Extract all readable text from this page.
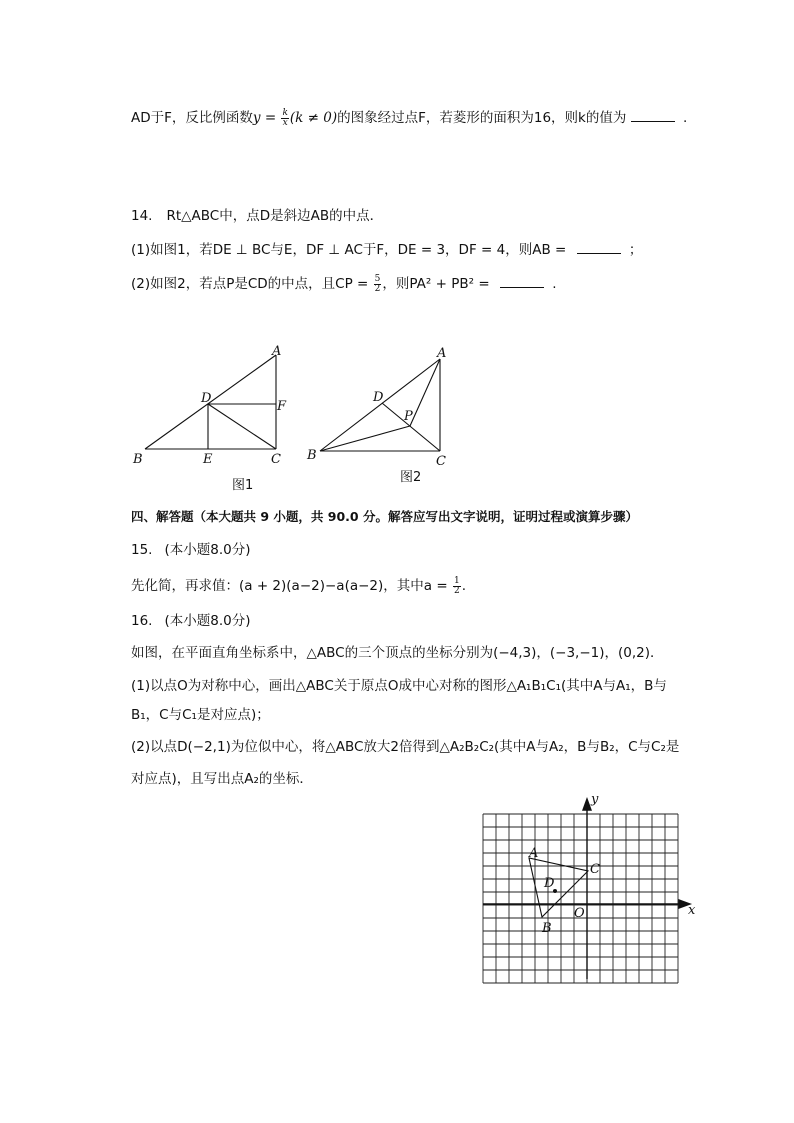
AD于F，反比例函数$y = \frac{k}{x} (k \ne 0)$的图象经过点F，若菱形的面积为16，则k的值为	.
14. Rt△ABC中，点D是斜边AB的中点．
(1)如图1，若DE ⊥ BC与E，DF ⊥ AC于F，DE = 3，DF = 4，则AB =	；
(2)如图2，若点P是CD的中点，且CP = $\frac{5}{2}$ ，则PA² + PB² =	.
A
B	C
D
E
F
图1
A
B	C
D
P
图2
四、解答题（本大题共 9 小题，共 90.0 分。解答应写出文字说明，证明过程或演算步骤）
15. (本小题8.0分)
先化简，再求值：(a + 2)(a−2)−a(a−2)，其中$a = \frac{1}{2}$ .
16. (本小题8.0分)
如图，在平面直角坐标系中，△ABC的三个顶点的坐标分别为(−4,3)，(−3,−1)，(0,2)．
(1)以点O为对称中心，画出△ABC关于原点O成中心对称的图形△A₁B₁C₁(其中A与A₁，B与
B₁，C与C₁是对应点)；
(2)以点D(−2,1)为位似中心，将△ABC放大2倍得到△A₂B₂C₂(其中A与A₂，B与B₂，C与C₂是
对应点)，且写出点A₂的坐标．
A
B
C
D
O	x
y
